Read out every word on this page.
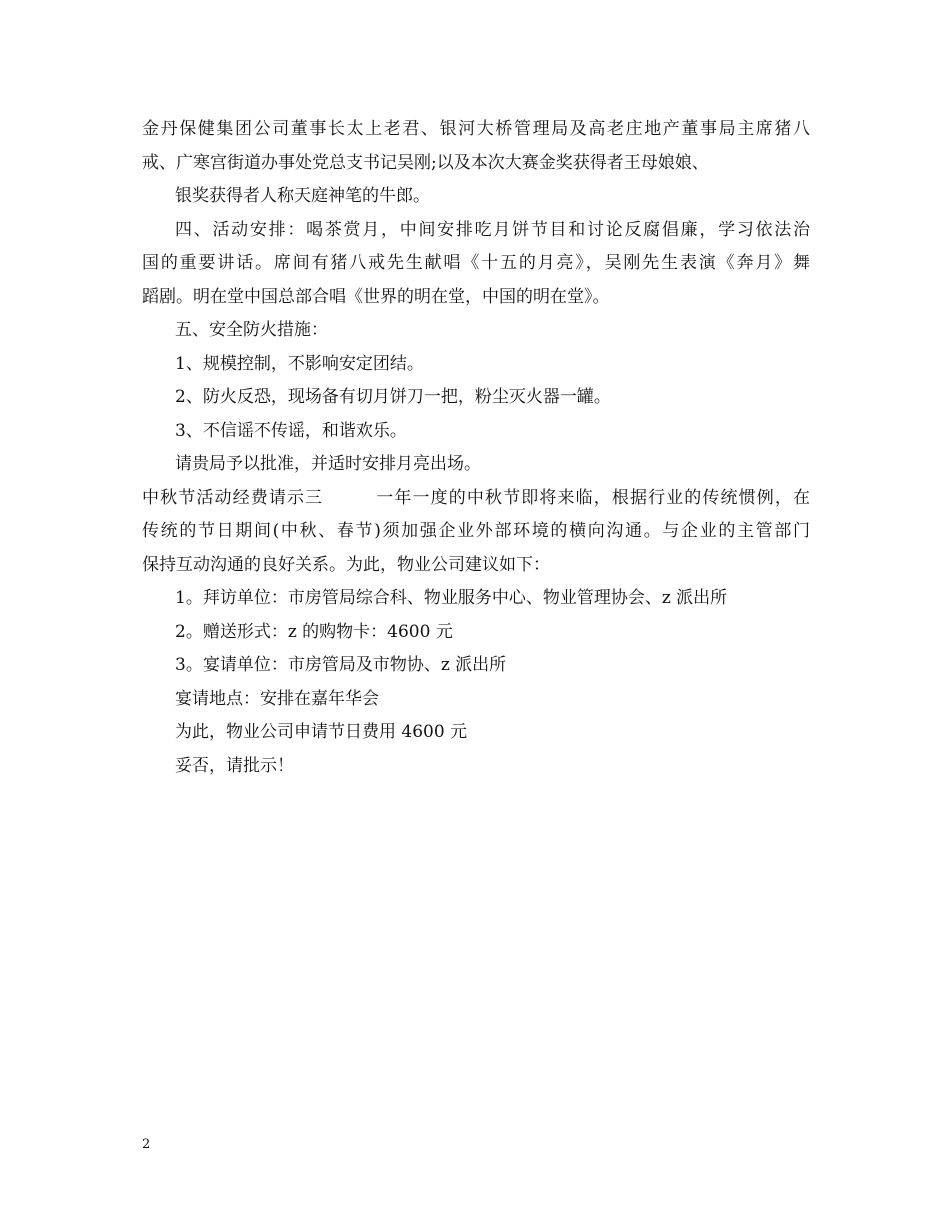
金丹保健集团公司董事长太上老君、银河大桥管理局及高老庄地产董事局主席猪八

戒、广寒宫街道办事处党总支书记吴刚;以及本次大赛金奖获得者王母娘娘、

银奖获得者人称天庭神笔的牛郎。

四、活动安排：喝茶赏月，中间安排吃月饼节目和讨论反腐倡廉，学习依法治

国的重要讲话。席间有猪八戒先生献唱《十五的月亮》，吴刚先生表演《奔月》舞

蹈剧。明在堂中国总部合唱《世界的明在堂，中国的明在堂》。

五、安全防火措施：

1、规模控制，不影响安定团结。

2、防火反恐，现场备有切月饼刀一把，粉尘灭火器一罐。

3、不信谣不传谣，和谐欢乐。

请贵局予以批准，并适时安排月亮出场。

中秋节活动经费请示三	一年一度的中秋节即将来临，根据行业的传统惯例，在

传统的节日期间(中秋、春节)须加强企业外部环境的横向沟通。与企业的主管部门

保持互动沟通的良好关系。为此，物业公司建议如下：

1。拜访单位：市房管局综合科、物业服务中心、物业管理协会、z 派出所

2。赠送形式：z 的购物卡：4600 元

3。宴请单位：市房管局及市物协、z 派出所

宴请地点：安排在嘉年华会

为此，物业公司申请节日费用 4600 元

妥否，请批示！

2
